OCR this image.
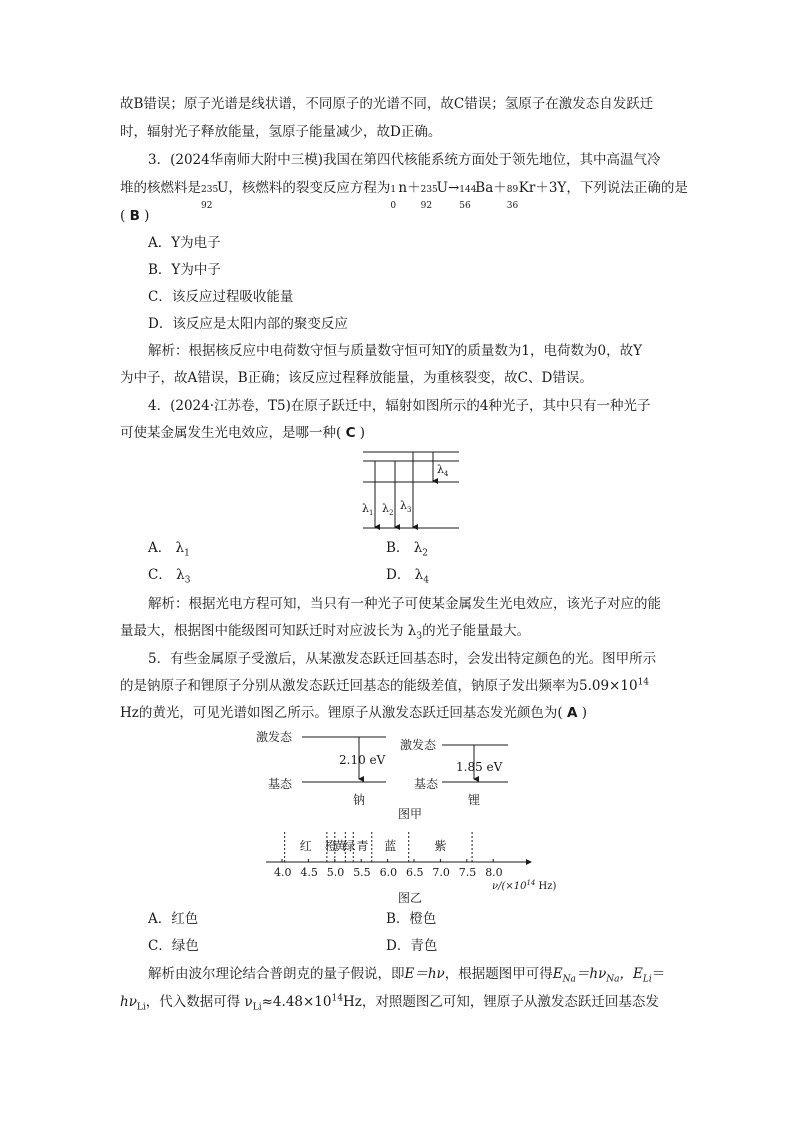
故B错误；原子光谱是线状谱，不同原子的光谱不同，故C错误；氢原子在激发态自发跃迁
时，辐射光子释放能量，氢原子能量减少，故D正确。
3．(2024华南师大附中三模)我国在第四代核能系统方面处于领先地位，其中高温气冷
堆的核燃料是 235
92
U，核燃料的裂变反应方程为 1
0
n＋ 235
92
U→ 144
56
Ba＋ 89
36
Kr＋3Y，下列说法正确的是
( B )
A．Y为电子
B．Y为中子
C．该反应过程吸收能量
D．该反应是太阳内部的聚变反应
解析：根据核反应中电荷数守恒与质量数守恒可知Y的质量数为1，电荷数为0，故Y
为中子，故A错误，B正确；该反应过程释放能量，为重核裂变，故C、D错误。
4．(2024·江苏卷，T5)在原子跃迁中，辐射如图所示的4种光子，其中只有一种光子
可使某金属发生光电效应，是哪一种( C )
$\lambda_1$ $\lambda_2$
$\lambda_3$
$\lambda_4$
A． $\lambda_1$	B． $\lambda_2$
C． $\lambda_3$	D． $\lambda_4$
解析：根据光电方程可知，当只有一种光子可使某金属发生光电效应，该光子对应的能
量最大，根据图中能级图可知跃迁时对应波长为 $\lambda_3$的光子能量最大。
5．有些金属原子受激后，从某激发态跃迁回基态时，会发出特定颜色的光。图甲所示
的是钠原子和锂原子分别从激发态跃迁回基态的能级差值，钠原子发出频率为$5.09\times 10^{14}$
Hz的黄光，可见光谱如图乙所示。锂原子从激发态跃迁回基态发光颜色为( A )
激发态
2.10 eV
基态
钠
激发态
1.85 eV
基态
锂
图甲
红 橙
黄
绿 青 蓝	紫
4.0 4.5 5.0 5.5 6.0 6.5 7.0 7.5 8.0
$\nu/(\times 10^{14}$ Hz)
图乙
A．红色	B．橙色
C．绿色	D．青色
解析由波尔理论结合普朗克的量子假说，即E＝hν，根据题图甲可得$E_{Na}=h\nu_{Na}$，$E_{Li}=$
$h\nu_{Li}$，代入数据可得 $\nu_{Li}\approx 4.48\times 10^{14}Hz$，对照题图乙可知，锂原子从激发态跃迁回基态发
